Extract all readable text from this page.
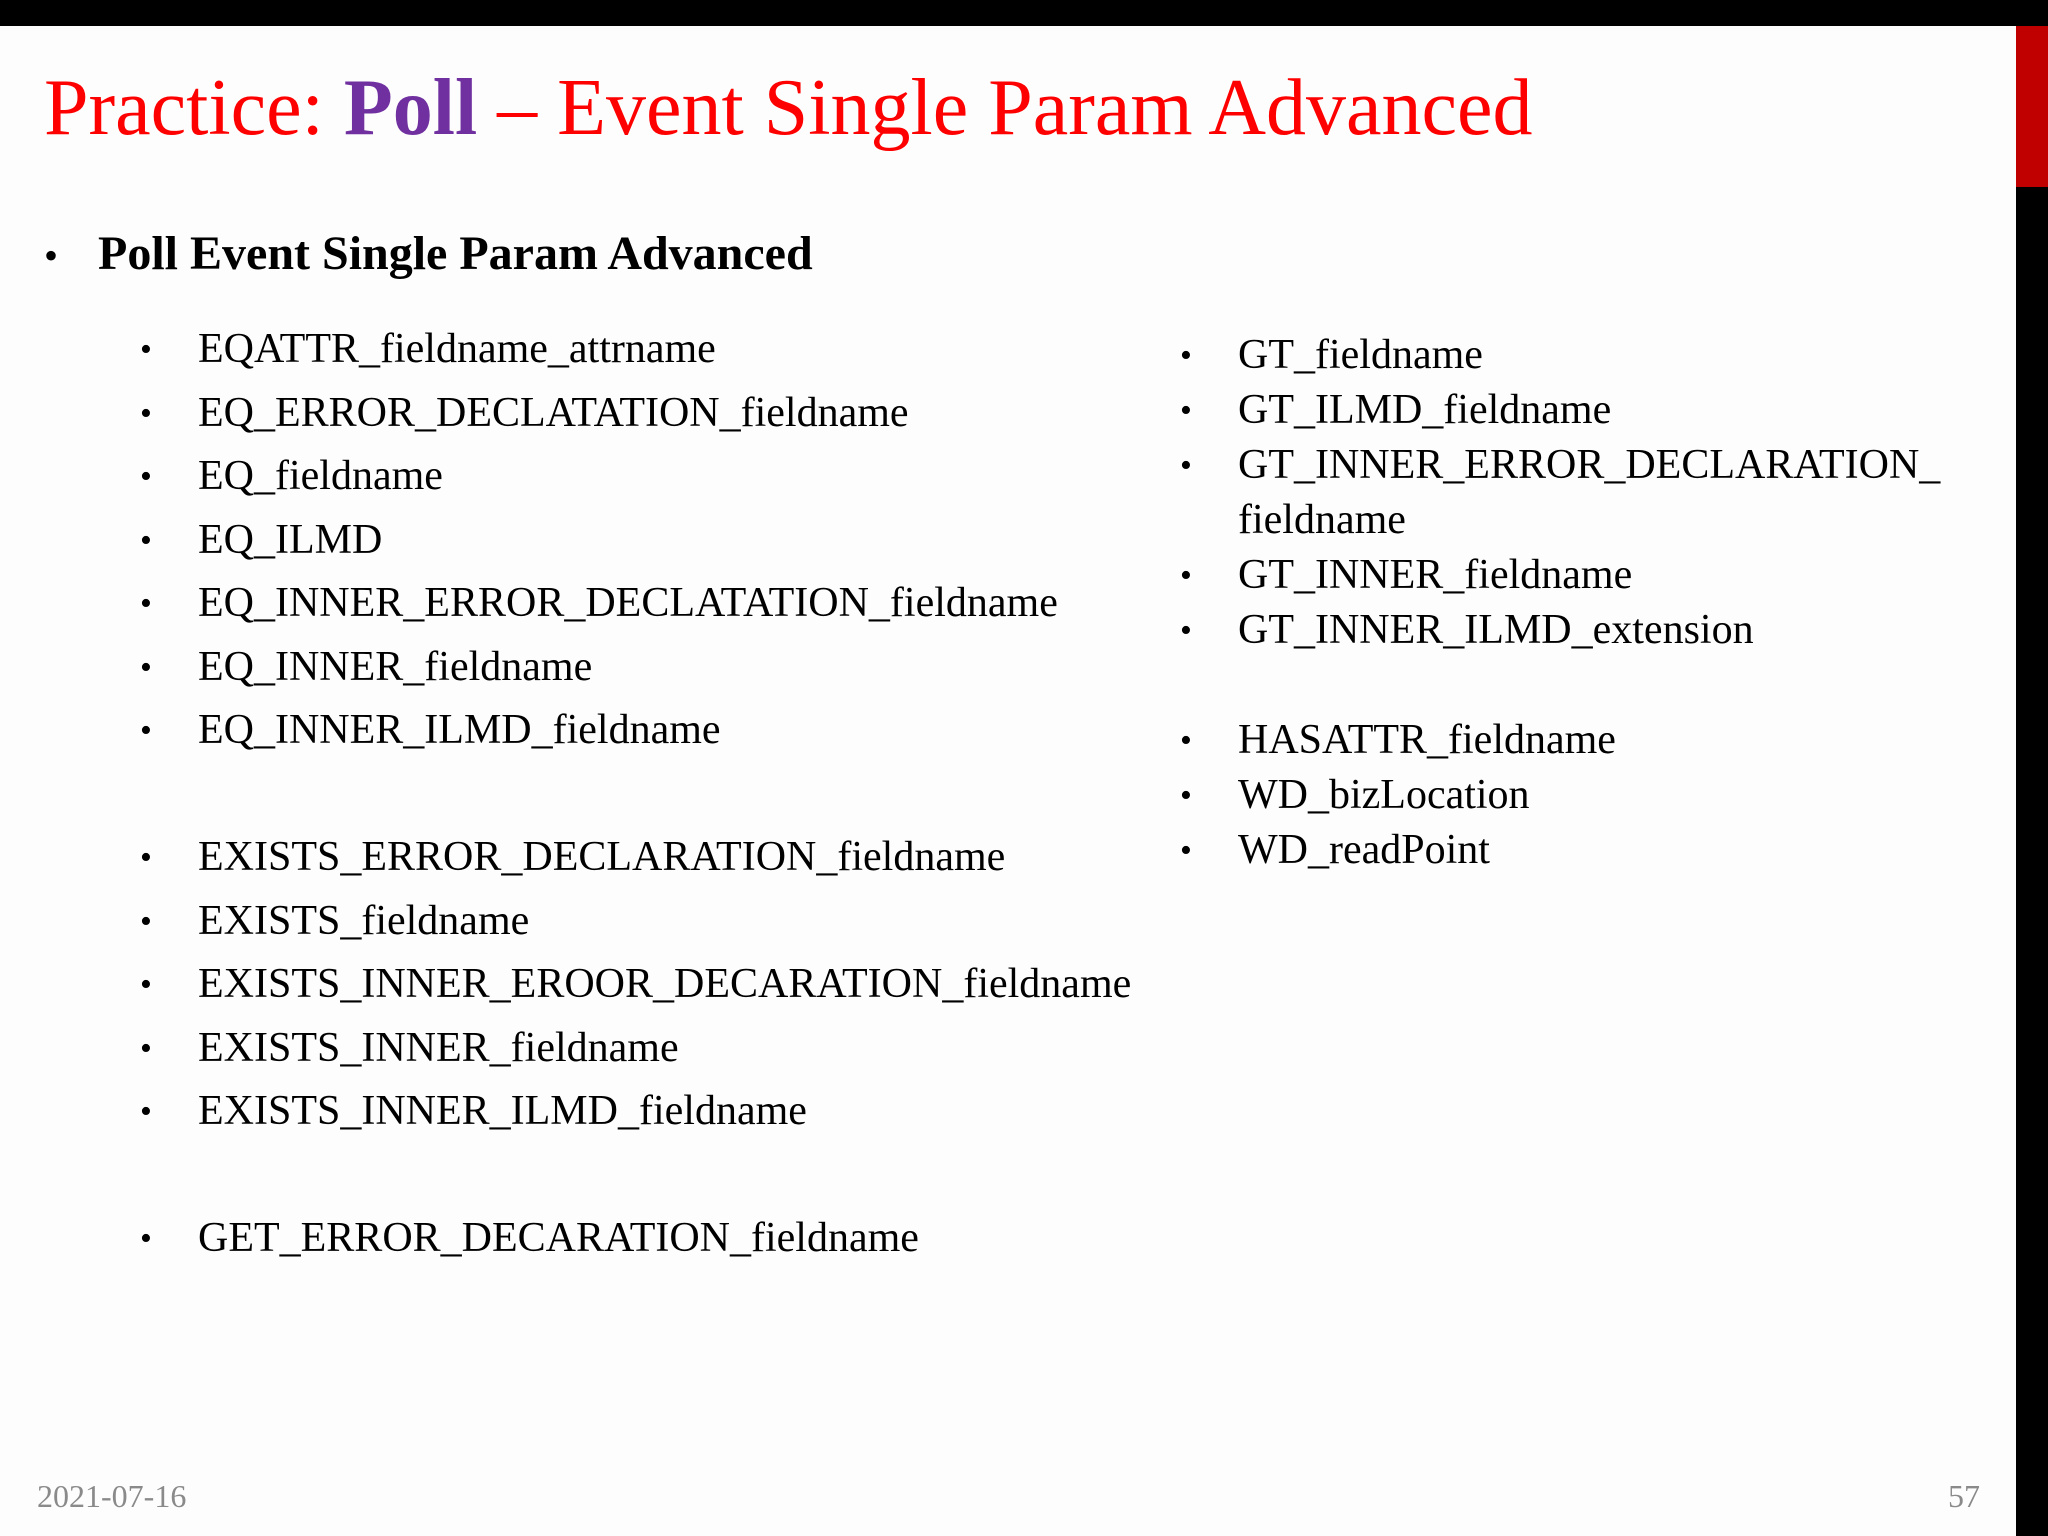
Practice: Poll – Event Single Param Advanced
• Poll Event Single Param Advanced
•	EQATTR_fieldname_attrname
•	EQ_ERROR_DECLATATION_fieldname
•	EQ_fieldname
•	EQ_ILMD
•	EQ_INNER_ERROR_DECLATATION_fieldname
•	EQ_INNER_fieldname
•	EQ_INNER_ILMD_fieldname
•	EXISTS_ERROR_DECLARATION_fieldname
•	EXISTS_fieldname
•	EXISTS_INNER_EROOR_DECARATION_fieldname
•	EXISTS_INNER_fieldname
•	EXISTS_INNER_ILMD_fieldname
•	GET_ERROR_DECARATION_fieldname
•	GT_fieldname
•	GT_ILMD_fieldname
•	GT_INNER_ERROR_DECLARATION_
fieldname
•	GT_INNER_fieldname
•	GT_INNER_ILMD_extension
•	HASATTR_fieldname
•	WD_bizLocation
•	WD_readPoint
2021-07-16	57
